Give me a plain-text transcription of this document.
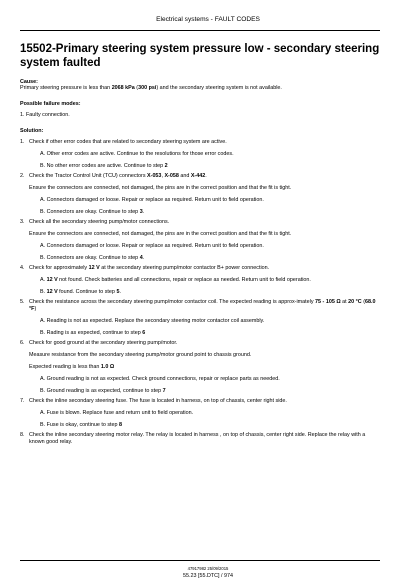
Electrical systems - FAULT CODES
15502-Primary steering system pressure low - secondary steering system faulted

Cause:

Primary steering pressure is less than 2068 kPa (300 psi) and the secondary steering system is not available.

Possible failure modes:

1. Faulty connection.

Solution:

1. Check if other error codes that are related to secondary steering system are active.

A. Other error codes are active. Continue to the resolutions for those error codes.

B. No other error codes are active. Continue to step 2

2. Check the Tractor Control Unit (TCU) connectors X-053, X-058 and X-442.

Ensure the connectors are connected, not damaged, the pins are in the correct position and that the fit is tight.

A. Connectors damaged or loose. Repair or replace as required. Return unit to field operation.

B. Connectors are okay. Continue to step 3.

3. Check all the secondary steering pump/motor connections.

Ensure the connectors are connected, not damaged, the pins are in the correct position and that the fit is tight.

A. Connectors damaged or loose. Repair or replace as required. Return unit to field operation.

B. Connectors are okay. Continue to step 4.

4. Check for approximately 12 V at the secondary steering pump/motor contactor B+ power connection.

A. 12 V not found. Check batteries and all connections, repair or replace as needed. Return unit to field operation.

B. 12 V found. Continue to step 5.

5. Check the resistance across the secondary steering pump/motor contactor coil. The expected reading is approx-imately 75 - 105 Ω at 20 °C (68.0 °F)

A. Reading is not as expected. Replace the secondary steering motor contactor coil assembly.

B. Rading is as expected, continue to step 6

6. Check for good ground at the secondary steering pump/motor.

Measure resistance from the secondary steering pump/motor ground point to chassis ground.

Expected reading is less than 1.0 Ω

A. Ground reading is not as expected. Check ground connections, repair or replace parts as needed.

B. Ground reading is as expected, continue to step 7

7. Check the inline secondary steering fuse. The fuse is located in harness, on top of chassis, center right side.

A. Fuse is blown. Replace fuse and return unit to field operation.

B. Fuse is okay, continue to step 8

8. Check the inline secondary steering motor relay. The relay is located in harness , on top of chassis, center right side. Replace the relay with a known good relay.
47917982 25/09/2015
55.23 [55.DTC] / 974
